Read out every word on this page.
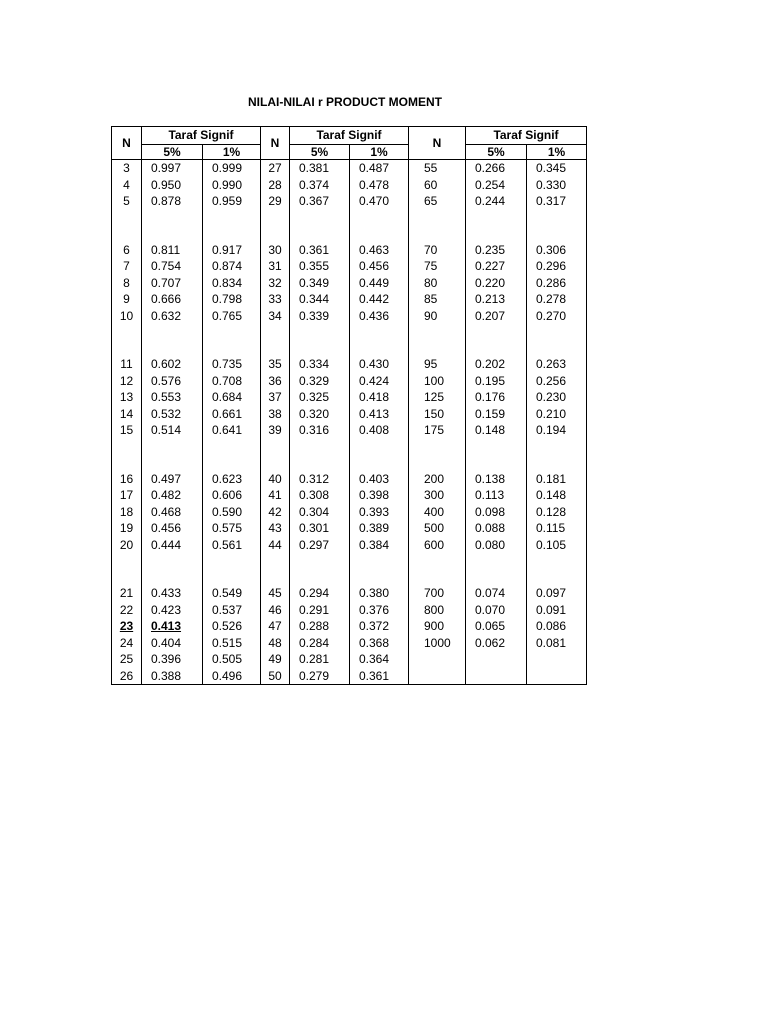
NILAI-NILAI r PRODUCT MOMENT
N	Taraf Signif		N	Taraf Signif		N	Taraf Signif	
	5%	1%		5%	1%		5%	1%
3	0.997	0.999	27	0.381	0.487	55	0.266	0.345
4	0.950	0.990	28	0.374	0.478	60	0.254	0.330
5	0.878	0.959	29	0.367	0.470	65	0.244	0.317

6	0.811	0.917	30	0.361	0.463	70	0.235	0.306
7	0.754	0.874	31	0.355	0.456	75	0.227	0.296
8	0.707	0.834	32	0.349	0.449	80	0.220	0.286
9	0.666	0.798	33	0.344	0.442	85	0.213	0.278
10	0.632	0.765	34	0.339	0.436	90	0.207	0.270

11	0.602	0.735	35	0.334	0.430	95	0.202	0.263
12	0.576	0.708	36	0.329	0.424	100	0.195	0.256
13	0.553	0.684	37	0.325	0.418	125	0.176	0.230
14	0.532	0.661	38	0.320	0.413	150	0.159	0.210
15	0.514	0.641	39	0.316	0.408	175	0.148	0.194

16	0.497	0.623	40	0.312	0.403	200	0.138	0.181
17	0.482	0.606	41	0.308	0.398	300	0.113	0.148
18	0.468	0.590	42	0.304	0.393	400	0.098	0.128
19	0.456	0.575	43	0.301	0.389	500	0.088	0.115
20	0.444	0.561	44	0.297	0.384	600	0.080	0.105

21	0.433	0.549	45	0.294	0.380	700	0.074	0.097
22	0.423	0.537	46	0.291	0.376	800	0.070	0.091
23	0.413	0.526	47	0.288	0.372	900	0.065	0.086
24	0.404	0.515	48	0.284	0.368	1000	0.062	0.081
25	0.396	0.505	49	0.281	0.364			
26	0.388	0.496	50	0.279	0.361			
